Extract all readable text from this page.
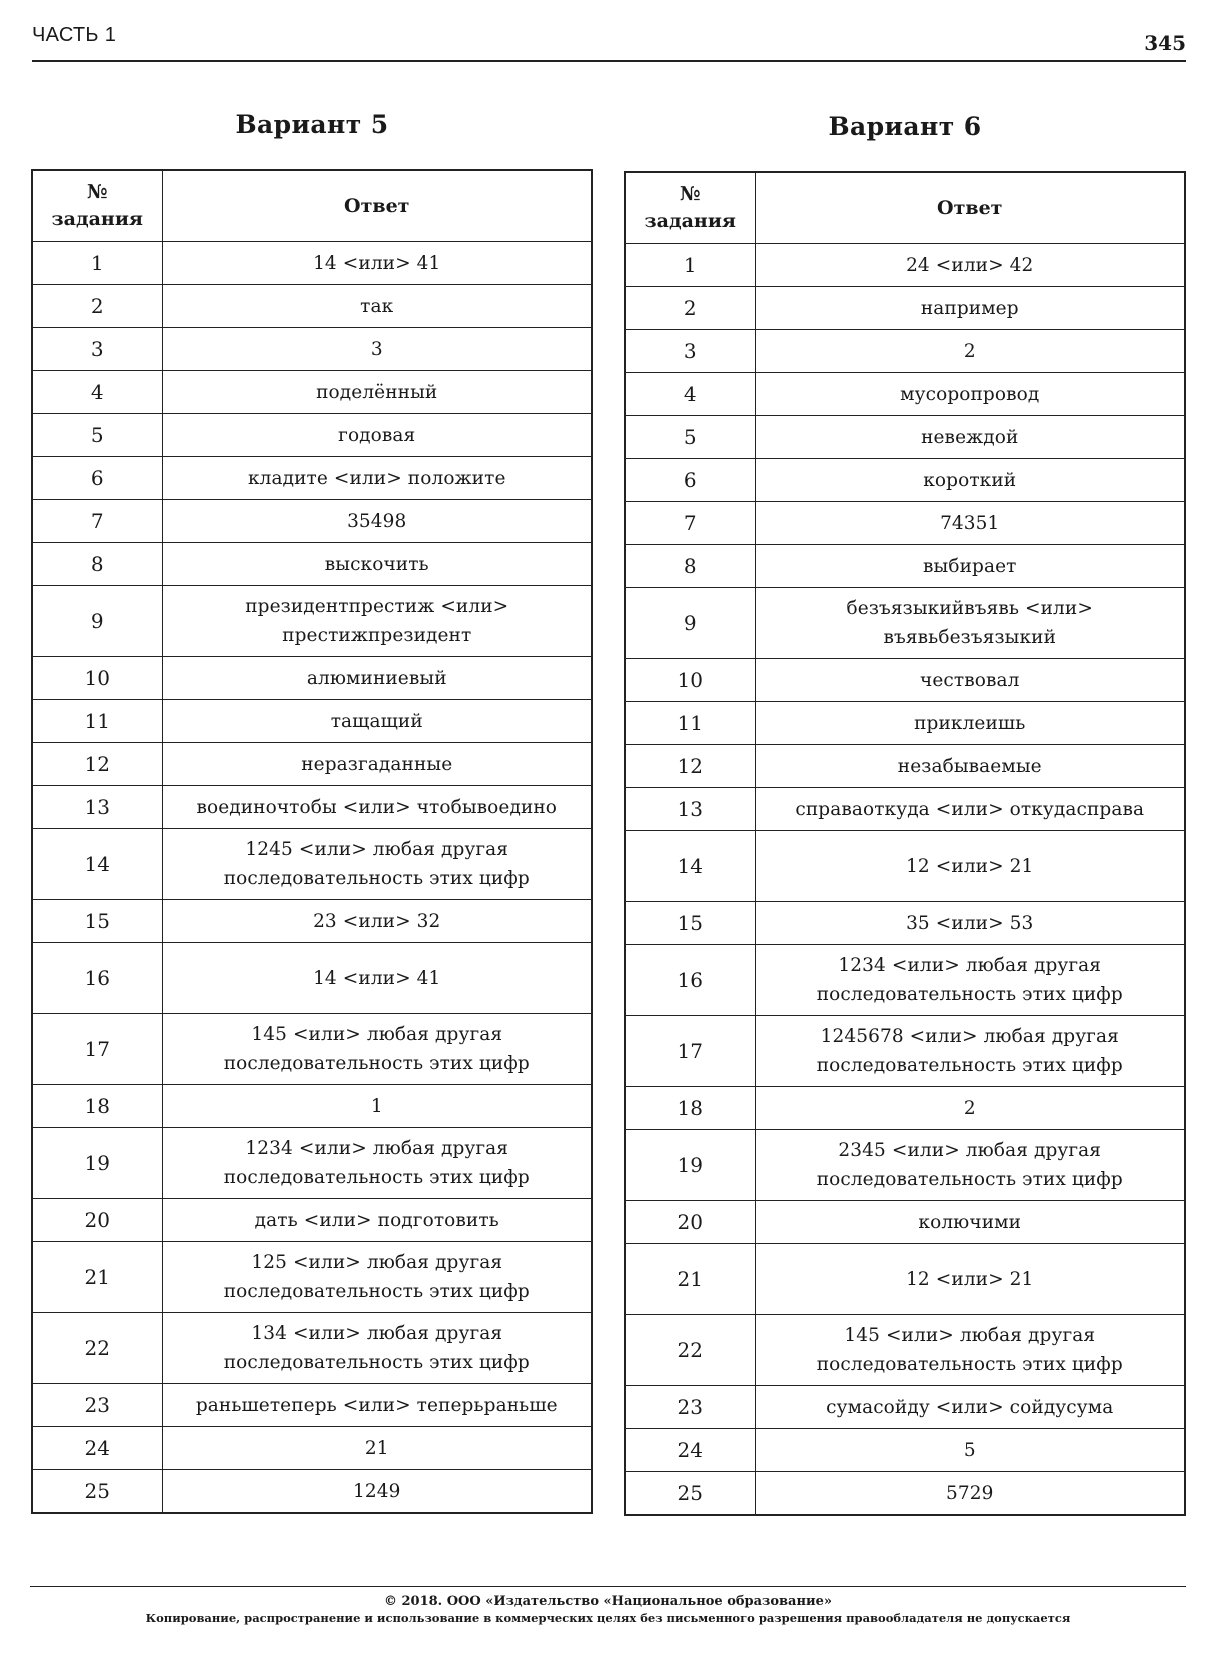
ЧАСТЬ 1	345
Вариант 5
№
задания	Ответ
1	14 <или> 41
2	так
3	3
4	поделённый
5	годовая
6	кладите <или> положите
7	35498
8	выскочить
9	президентпрестиж <или>
престижпрезидент
10	алюминиевый
11	тащащий
12	неразгаданные
13	воединочтобы <или> чтобывоедино
14	1245 <или> любая другая
последовательность этих цифр
15	23 <или> 32
16	14 <или> 41
17	145 <или> любая другая
последовательность этих цифр
18	1
19	1234 <или> любая другая
последовательность этих цифр
20	дать <или> подготовить
21	125 <или> любая другая
последовательность этих цифр
22	134 <или> любая другая
последовательность этих цифр
23	раньшетеперь <или> теперьраньше
24	21
25	1249
Вариант 6
№
задания	Ответ
1	24 <или> 42
2	например
3	2
4	мусоропровод
5	невеждой
6	короткий
7	74351
8	выбирает
9	безъязыкийвъявь <или>
въявьбезъязыкий
10	чествовал
11	приклеишь
12	незабываемые
13	справаоткуда <или> откудасправа
14	12 <или> 21
15	35 <или> 53
16	1234 <или> любая другая
последовательность этих цифр
17	1245678 <или> любая другая
последовательность этих цифр
18	2
19	2345 <или> любая другая
последовательность этих цифр
20	колючими
21	12 <или> 21
22	145 <или> любая другая
последовательность этих цифр
23	сумасойду <или> сойдусума
24	5
25	5729
© 2018. ООО «Издательство «Национальное образование»
Копирование, распространение и использование в коммерческих целях без письменного разрешения правообладателя не допускается
